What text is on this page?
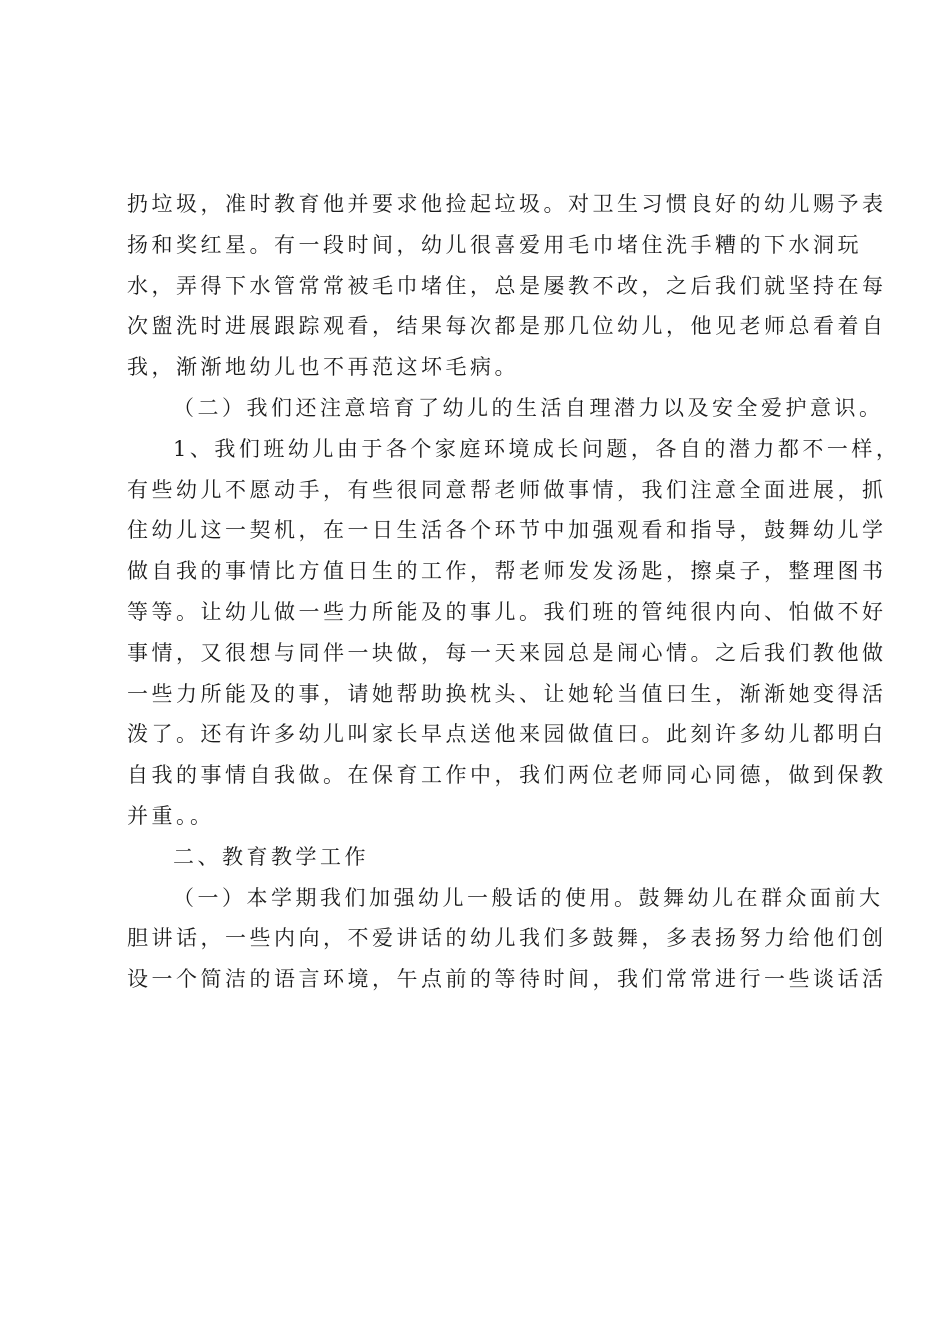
扔垃圾，准时教育他并要求他捡起垃圾。对卫生习惯良好的幼儿赐予表
扬和奖红星。有一段时间，幼儿很喜爱用毛巾堵住洗手糟的下水洞玩
水，弄得下水管常常被毛巾堵住，总是屡教不改，之后我们就坚持在每
次盥洗时进展跟踪观看，结果每次都是那几位幼儿，他见老师总看着自
我，渐渐地幼儿也不再范这坏毛病。

（二）我们还注意培育了幼儿的生活自理潜力以及安全爱护意识。

1、我们班幼儿由于各个家庭环境成长问题，各自的潜力都不一样，
有些幼儿不愿动手，有些很同意帮老师做事情，我们注意全面进展，抓
住幼儿这一契机，在一日生活各个环节中加强观看和指导，鼓舞幼儿学
做自我的事情比方值日生的工作，帮老师发发汤匙，擦桌子，整理图书
等等。让幼儿做一些力所能及的事儿。我们班的管纯很内向、怕做不好
事情，又很想与同伴一块做，每一天来园总是闹心情。之后我们教他做
一些力所能及的事，请她帮助换枕头、让她轮当值曰生，渐渐她变得活
泼了。还有许多幼儿叫家长早点送他来园做值曰。此刻许多幼儿都明白
自我的事情自我做。在保育工作中，我们两位老师同心同德，做到保教
并重。。

二、教育教学工作

（一）本学期我们加强幼儿一般话的使用。鼓舞幼儿在群众面前大
胆讲话，一些内向，不爱讲话的幼儿我们多鼓舞，多表扬努力给他们创
设一个简洁的语言环境，午点前的等待时间，我们常常进行一些谈话活
